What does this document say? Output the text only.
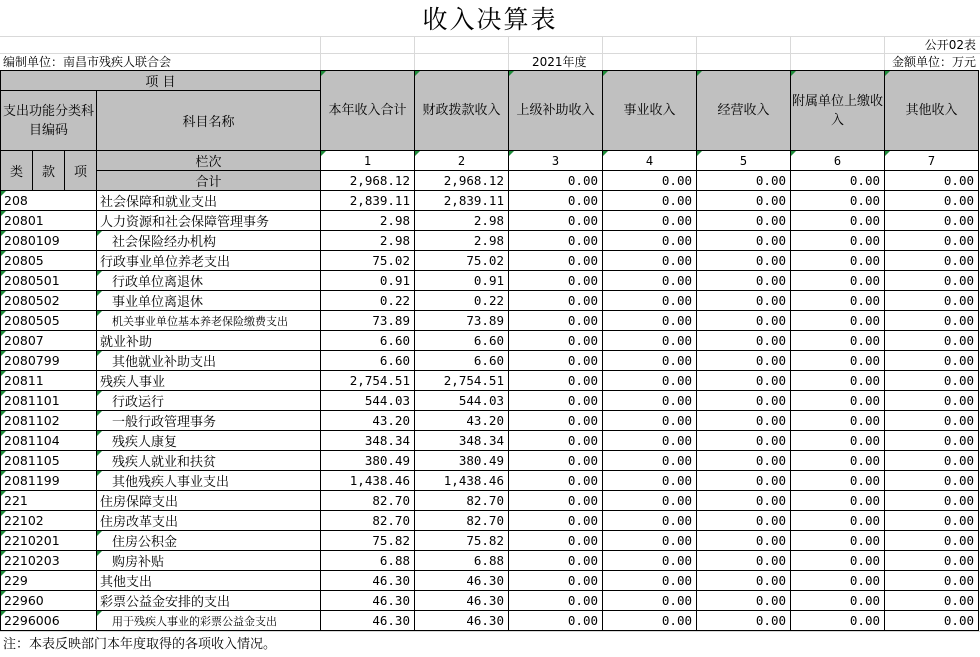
收入决算表
公开02表
编制单位：南昌市残疾人联合会	2021年度	金额单位：万元
项 目				本年收入合计	财政拨款收入	上级补助收入	事业收入	经营收入	附属单位上缴收入	其他收入
支出功能分类科目编码			科目名称							

类	款	项	栏次	1	2	3	4	5	6	7
			合计	2,968.12	2,968.12	0.00	0.00	0.00	0.00	0.00
208			社会保障和就业支出	2,839.11	2,839.11	0.00	0.00	0.00	0.00	0.00
20801			人力资源和社会保障管理事务	2.98	2.98	0.00	0.00	0.00	0.00	0.00
2080109			社会保险经办机构	2.98	2.98	0.00	0.00	0.00	0.00	0.00
20805			行政事业单位养老支出	75.02	75.02	0.00	0.00	0.00	0.00	0.00
2080501			行政单位离退休	0.91	0.91	0.00	0.00	0.00	0.00	0.00
2080502			事业单位离退休	0.22	0.22	0.00	0.00	0.00	0.00	0.00
2080505			机关事业单位基本养老保险缴费支出	73.89	73.89	0.00	0.00	0.00	0.00	0.00
20807			就业补助	6.60	6.60	0.00	0.00	0.00	0.00	0.00
2080799			其他就业补助支出	6.60	6.60	0.00	0.00	0.00	0.00	0.00
20811			残疾人事业	2,754.51	2,754.51	0.00	0.00	0.00	0.00	0.00
2081101			行政运行	544.03	544.03	0.00	0.00	0.00	0.00	0.00
2081102			一般行政管理事务	43.20	43.20	0.00	0.00	0.00	0.00	0.00
2081104			残疾人康复	348.34	348.34	0.00	0.00	0.00	0.00	0.00
2081105			残疾人就业和扶贫	380.49	380.49	0.00	0.00	0.00	0.00	0.00
2081199			其他残疾人事业支出	1,438.46	1,438.46	0.00	0.00	0.00	0.00	0.00
221			住房保障支出	82.70	82.70	0.00	0.00	0.00	0.00	0.00
22102			住房改革支出	82.70	82.70	0.00	0.00	0.00	0.00	0.00
2210201			住房公积金	75.82	75.82	0.00	0.00	0.00	0.00	0.00
2210203			购房补贴	6.88	6.88	0.00	0.00	0.00	0.00	0.00
229			其他支出	46.30	46.30	0.00	0.00	0.00	0.00	0.00
22960			彩票公益金安排的支出	46.30	46.30	0.00	0.00	0.00	0.00	0.00
2296006			用于残疾人事业的彩票公益金支出	46.30	46.30	0.00	0.00	0.00	0.00	0.00
注：本表反映部门本年度取得的各项收入情况。
